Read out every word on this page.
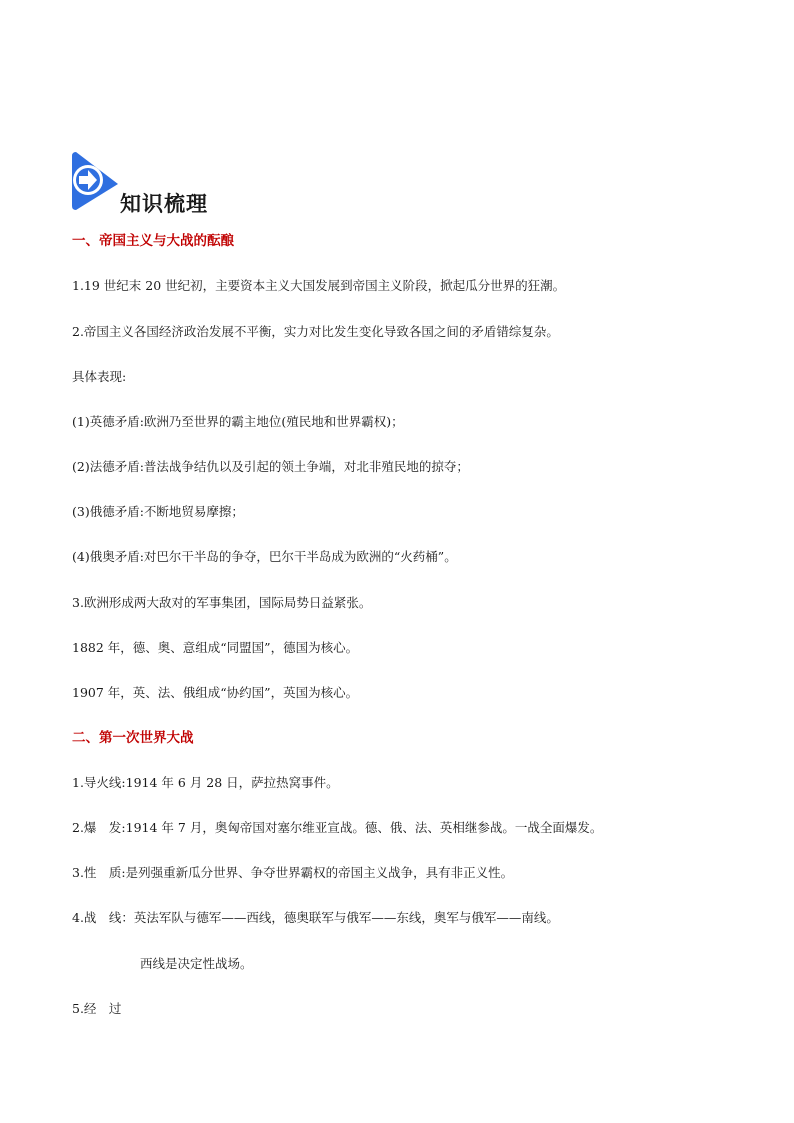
知识梳理
一、帝国主义与大战的酝酿
1.19 世纪末 20 世纪初，主要资本主义大国发展到帝国主义阶段，掀起瓜分世界的狂潮。
2.帝国主义各国经济政治发展不平衡，实力对比发生变化导致各国之间的矛盾错综复杂。
具体表现:
(1)英德矛盾:欧洲乃至世界的霸主地位(殖民地和世界霸权)；
(2)法德矛盾:普法战争结仇以及引起的领土争端，对北非殖民地的掠夺；
(3)俄德矛盾:不断地贸易摩擦；
(4)俄奥矛盾:对巴尔干半岛的争夺，巴尔干半岛成为欧洲的“火药桶”。
3.欧洲形成两大敌对的军事集团，国际局势日益紧张。
1882 年，德、奥、意组成“同盟国”，德国为核心。
1907 年，英、法、俄组成“协约国”，英国为核心。
二、第一次世界大战
1.导火线:1914 年 6 月 28 日，萨拉热窝事件。
2.爆　发:1914 年 7 月，奥匈帝国对塞尔维亚宣战。德、俄、法、英相继参战。一战全面爆发。
3.性　质:是列强重新瓜分世界、争夺世界霸权的帝国主义战争，具有非正义性。
4.战　线：英法军队与德军——西线，德奥联军与俄军——东线，奥军与俄军——南线。
西线是决定性战场。
5.经　过
